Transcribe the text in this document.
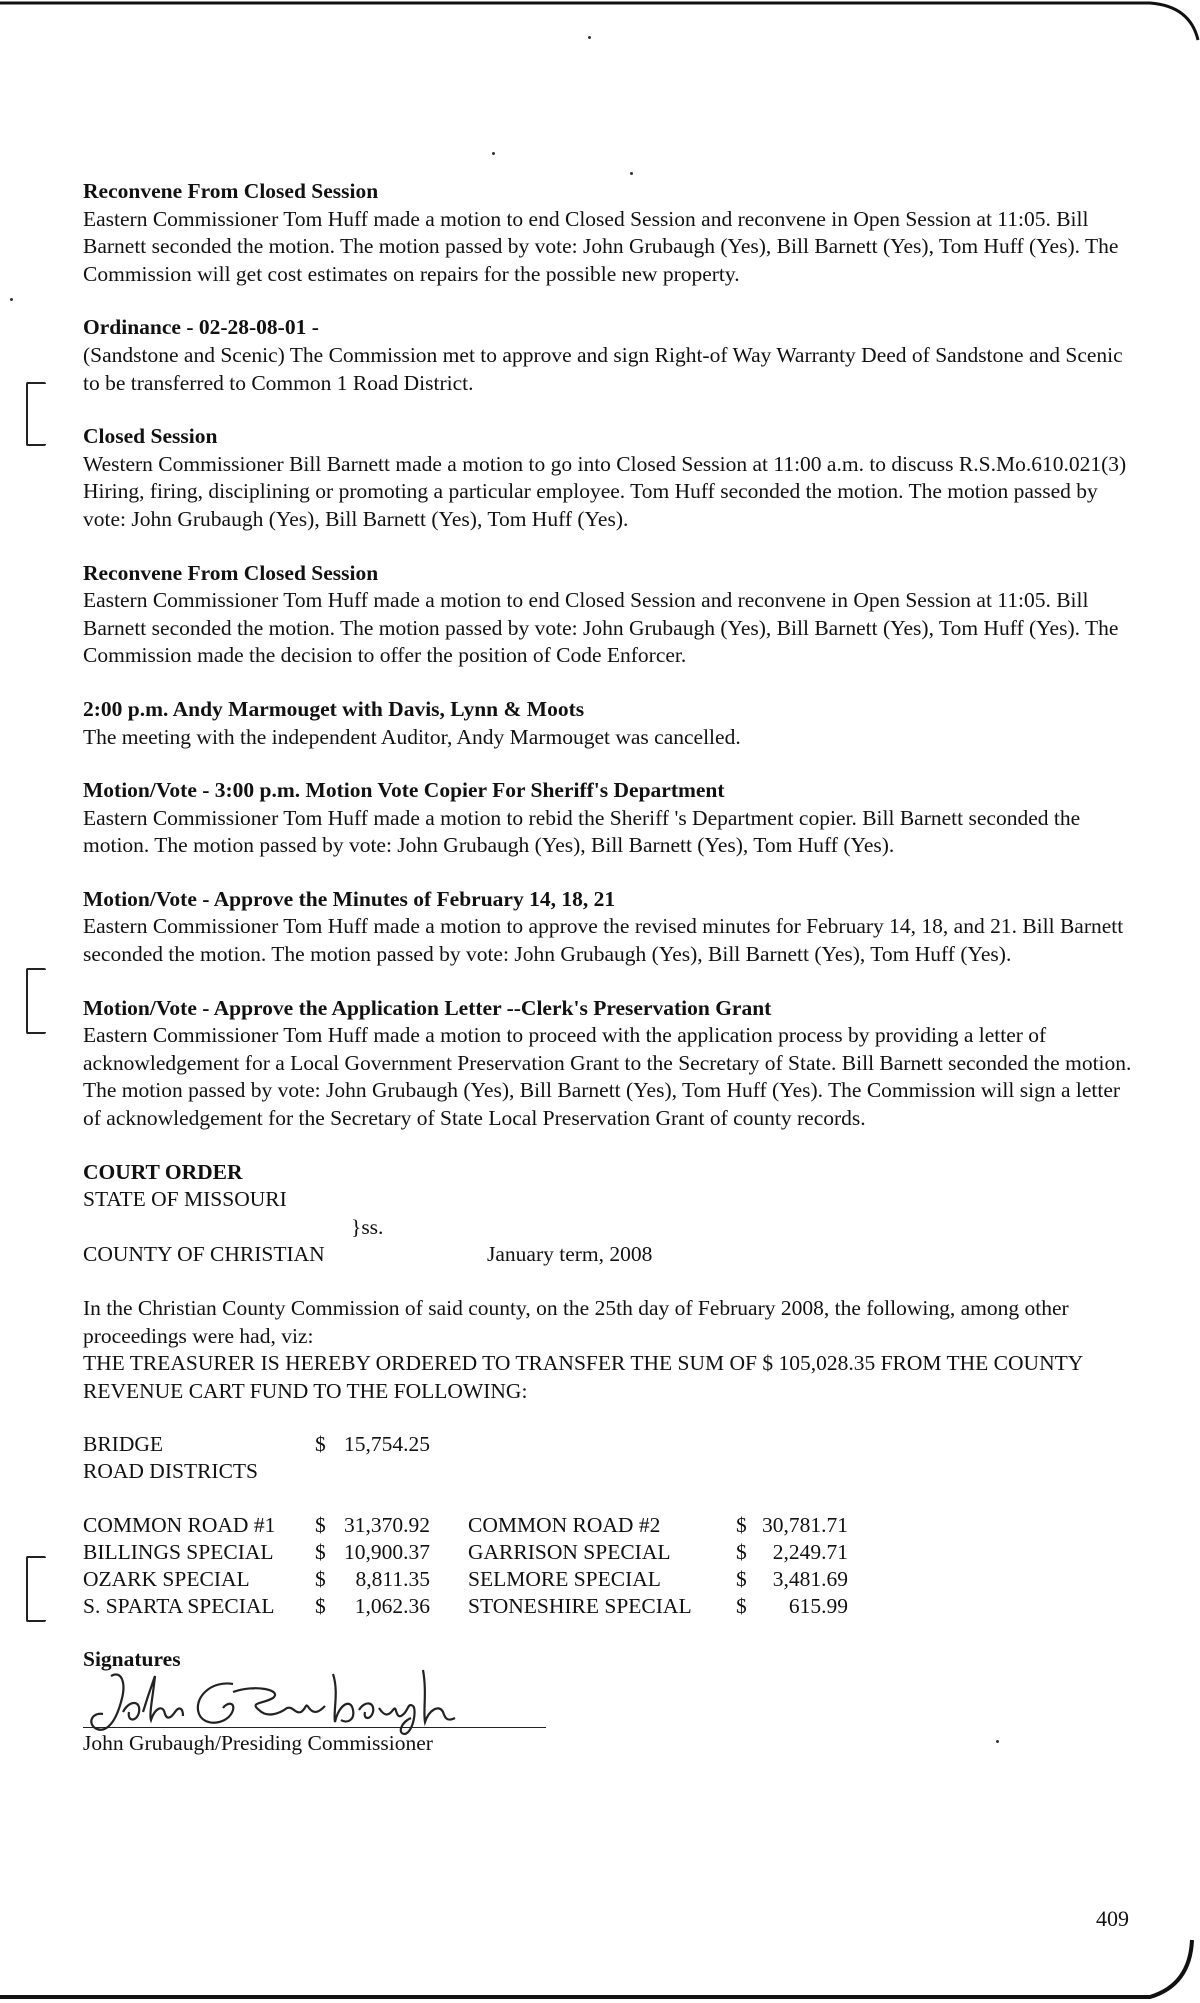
Reconvene From Closed Session
Eastern Commissioner Tom Huff made a motion to end Closed Session and reconvene in Open Session at 11:05. Bill Barnett seconded the motion. The motion passed by vote: John Grubaugh (Yes), Bill Barnett (Yes), Tom Huff (Yes). The Commission will get cost estimates on repairs for the possible new property.
Ordinance - 02-28-08-01 -
(Sandstone and Scenic) The Commission met to approve and sign Right-of Way Warranty Deed of Sandstone and Scenic to be transferred to Common 1 Road District.
Closed Session
Western Commissioner Bill Barnett made a motion to go into Closed Session at 11:00 a.m. to discuss R.S.Mo.610.021(3) Hiring, firing, disciplining or promoting a particular employee. Tom Huff seconded the motion. The motion passed by vote: John Grubaugh (Yes), Bill Barnett (Yes), Tom Huff (Yes).
Reconvene From Closed Session
Eastern Commissioner Tom Huff made a motion to end Closed Session and reconvene in Open Session at 11:05. Bill Barnett seconded the motion. The motion passed by vote: John Grubaugh (Yes), Bill Barnett (Yes), Tom Huff (Yes). The Commission made the decision to offer the position of Code Enforcer.
2:00 p.m. Andy Marmouget with Davis, Lynn & Moots
The meeting with the independent Auditor, Andy Marmouget was cancelled.
Motion/Vote - 3:00 p.m. Motion Vote Copier For Sheriff's Department
Eastern Commissioner Tom Huff made a motion to rebid the Sheriff 's Department copier. Bill Barnett seconded the motion. The motion passed by vote: John Grubaugh (Yes), Bill Barnett (Yes), Tom Huff (Yes).
Motion/Vote - Approve the Minutes of February 14, 18, 21
Eastern Commissioner Tom Huff made a motion to approve the revised minutes for February 14, 18, and 21. Bill Barnett seconded the motion. The motion passed by vote: John Grubaugh (Yes), Bill Barnett (Yes), Tom Huff (Yes).
Motion/Vote - Approve the Application Letter --Clerk's Preservation Grant
Eastern Commissioner Tom Huff made a motion to proceed with the application process by providing a letter of acknowledgement for a Local Government Preservation Grant to the Secretary of State. Bill Barnett seconded the motion. The motion passed by vote: John Grubaugh (Yes), Bill Barnett (Yes), Tom Huff (Yes). The Commission will sign a letter of acknowledgement for the Secretary of State Local Preservation Grant of county records.
COURT ORDER
STATE OF MISSOURI
}ss.
COUNTY OF CHRISTIAN	January term, 2008
In the Christian County Commission of said county, on the 25th day of February 2008, the following, among other proceedings were had, viz:
THE TREASURER IS HEREBY ORDERED TO TRANSFER THE SUM OF $ 105,028.35 FROM THE COUNTY REVENUE CART FUND TO THE FOLLOWING:
BRIDGE	$	15,754.25			
ROAD DISTRICTS					

COMMON ROAD #1	$	31,370.92	COMMON ROAD #2	$	30,781.71
BILLINGS SPECIAL	$	10,900.37	GARRISON SPECIAL	$	2,249.71
OZARK SPECIAL	$	8,811.35	SELMORE SPECIAL	$	3,481.69
S. SPARTA SPECIAL	$	1,062.36	STONESHIRE SPECIAL	$	615.99
Signatures
John Grubaugh/Presiding Commissioner
409
